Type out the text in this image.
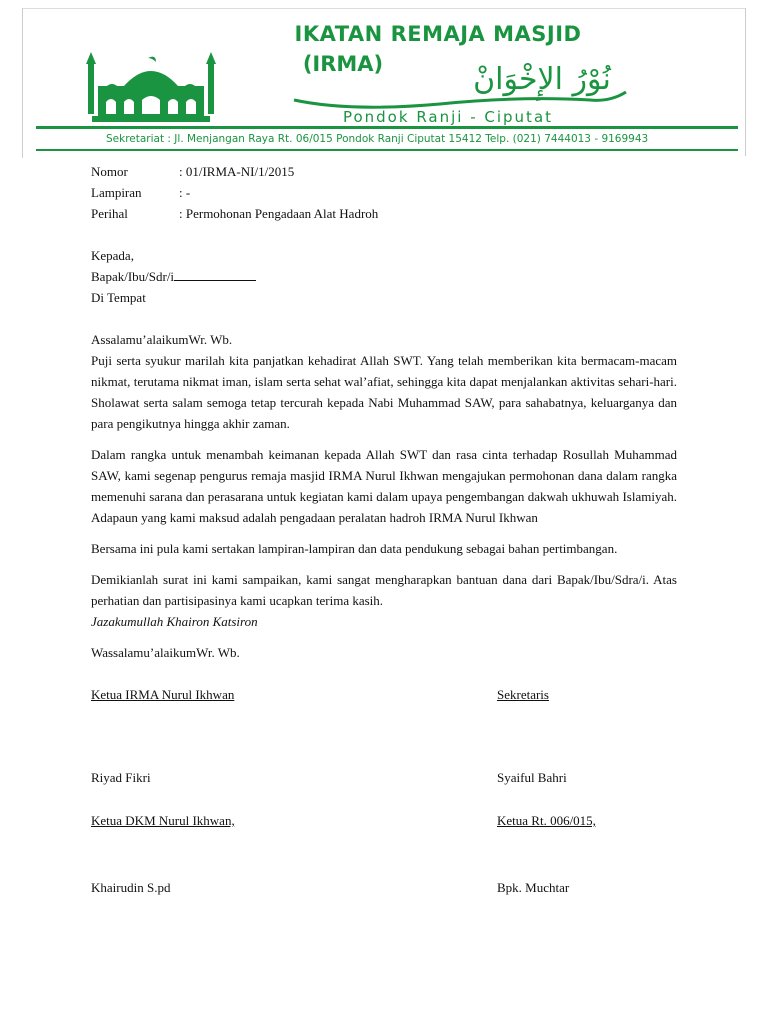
IKATAN REMAJA MASJID
(IRMA)	نُوْرُ الإِخْوَانْ
Pondok Ranji - Ciputat
Sekretariat : Jl. Menjangan Raya Rt. 06/015 Pondok Ranji Ciputat 15412 Telp. (021) 7444013 - 9169943
Nomor	: 01/IRMA-NI/1/2015
Lampiran	: -
Perihal	: Permohonan Pengadaan Alat Hadroh
Kepada,
Bapak/Ibu/Sdr/i
Di Tempat
Assalamu’alaikumWr. Wb.

Puji serta syukur marilah kita panjatkan kehadirat Allah SWT. Yang telah memberikan kita bermacam-macam nikmat, terutama nikmat iman, islam serta sehat wal’afiat, sehingga kita dapat menjalankan aktivitas sehari-hari. Sholawat serta salam semoga tetap tercurah kepada Nabi Muhammad SAW, para sahabatnya, keluarganya dan para pengikutnya hingga akhir zaman.

Dalam rangka untuk menambah keimanan kepada Allah SWT dan rasa cinta terhadap Rosullah Muhammad SAW, kami segenap pengurus remaja masjid IRMA Nurul Ikhwan mengajukan permohonan dana dalam rangka memenuhi sarana dan perasarana untuk kegiatan kami dalam upaya pengembangan dakwah ukhuwah Islamiyah. Adapaun yang kami maksud adalah pengadaan peralatan hadroh IRMA Nurul Ikhwan

Bersama ini pula kami sertakan lampiran-lampiran dan data pendukung sebagai bahan pertimbangan.

Demikianlah surat ini kami sampaikan, kami sangat mengharapkan bantuan dana dari Bapak/Ibu/Sdra/i. Atas perhatian dan partisipasinya kami ucapkan terima kasih.

Jazakumullah Khairon Katsiron
Wassalamu’alaikumWr. Wb.
Ketua IRMA Nurul Ikhwan	Sekretaris
Riyad Fikri	Syaiful Bahri
Ketua DKM Nurul Ikhwan,	Ketua Rt. 006/015,
Khairudin S.pd	Bpk. Muchtar
